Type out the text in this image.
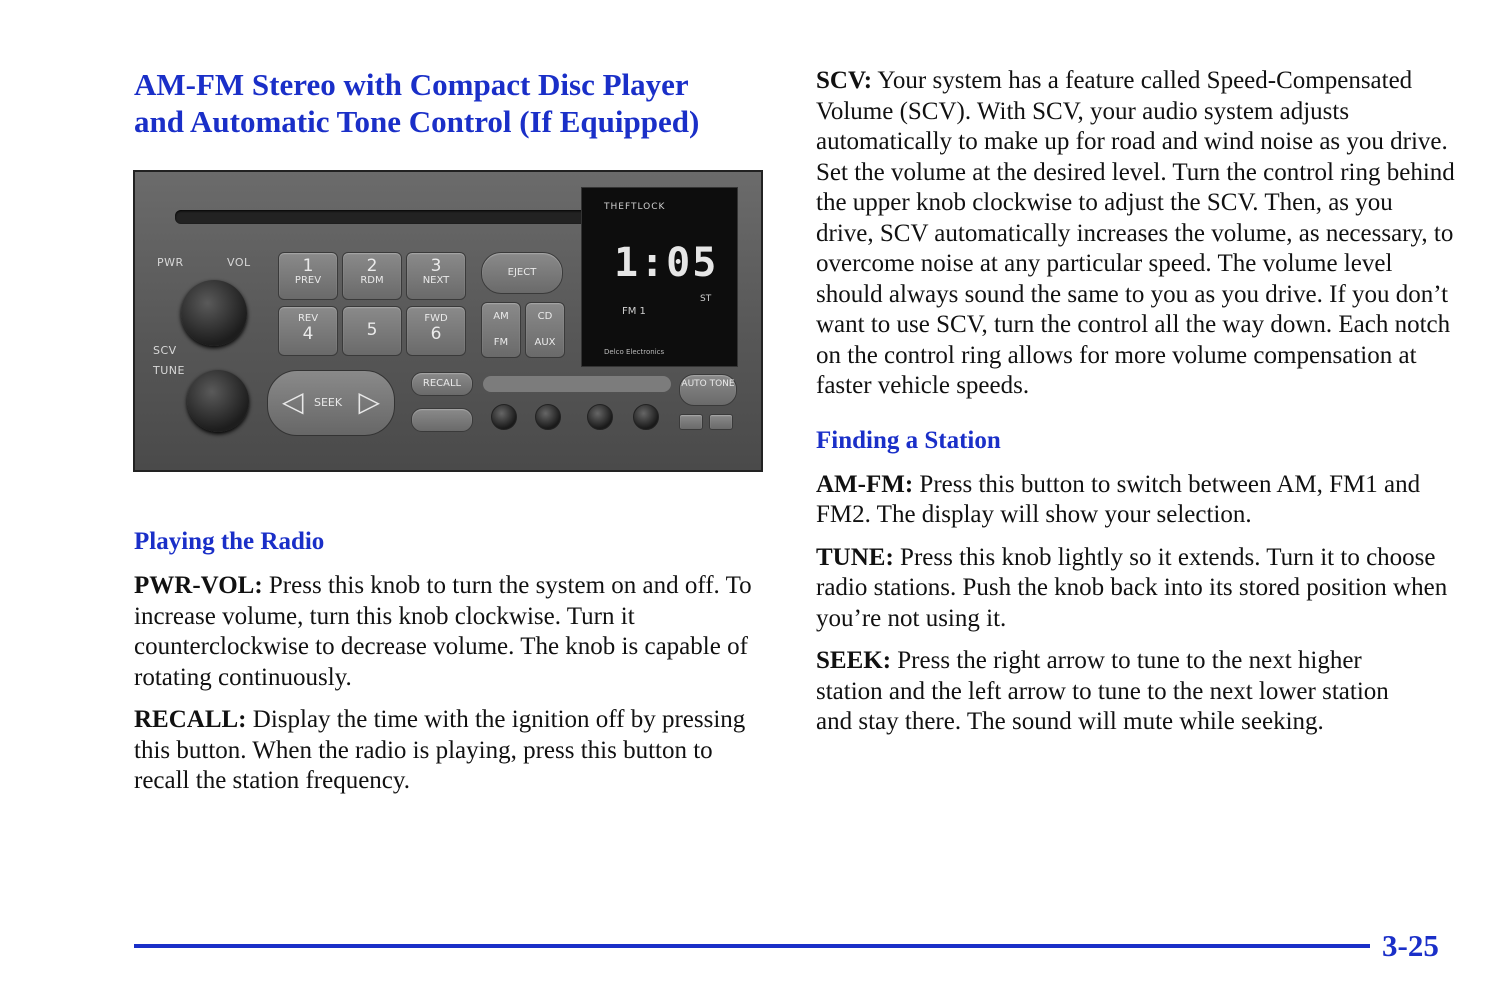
AM-FM Stereo with Compact Disc Player
and Automatic Tone Control (If Equipped)
PWR	VOL
SCV
TUNE
1
PREV
2
RDM
3
NEXT
REV
4	5
FWD
6
EJECT
AM
FM
CD
AUX
THEFTLOCK
1:05
ST
FM 1
Delco Electronics
◁ SEEK ▷
RECALL	AUTO TONE
Playing the Radio

PWR-VOL: Press this knob to turn the system on and off. To increase volume, turn this knob clockwise. Turn it counterclockwise to decrease volume. The knob is capable of rotating continuously.

RECALL: Display the time with the ignition off by pressing this button. When the radio is playing, press this button to recall the station frequency.

SCV: Your system has a feature called Speed-Compensated Volume (SCV). With SCV, your audio system adjusts automatically to make up for road and wind noise as you drive. Set the volume at the desired level. Turn the control ring behind the upper knob clockwise to adjust the SCV. Then, as you drive, SCV automatically increases the volume, as necessary, to overcome noise at any particular speed. The volume level should always sound the same to you as you drive. If you don’t want to use SCV, turn the control all the way down. Each notch on the control ring allows for more volume compensation at faster vehicle speeds.

Finding a Station

AM-FM: Press this button to switch between AM, FM1 and FM2. The display will show your selection.

TUNE: Press this knob lightly so it extends. Turn it to choose radio stations. Push the knob back into its stored position when you’re not using it.

SEEK: Press the right arrow to tune to the next higher station and the left arrow to tune to the next lower station and stay there. The sound will mute while seeking.

3-25
